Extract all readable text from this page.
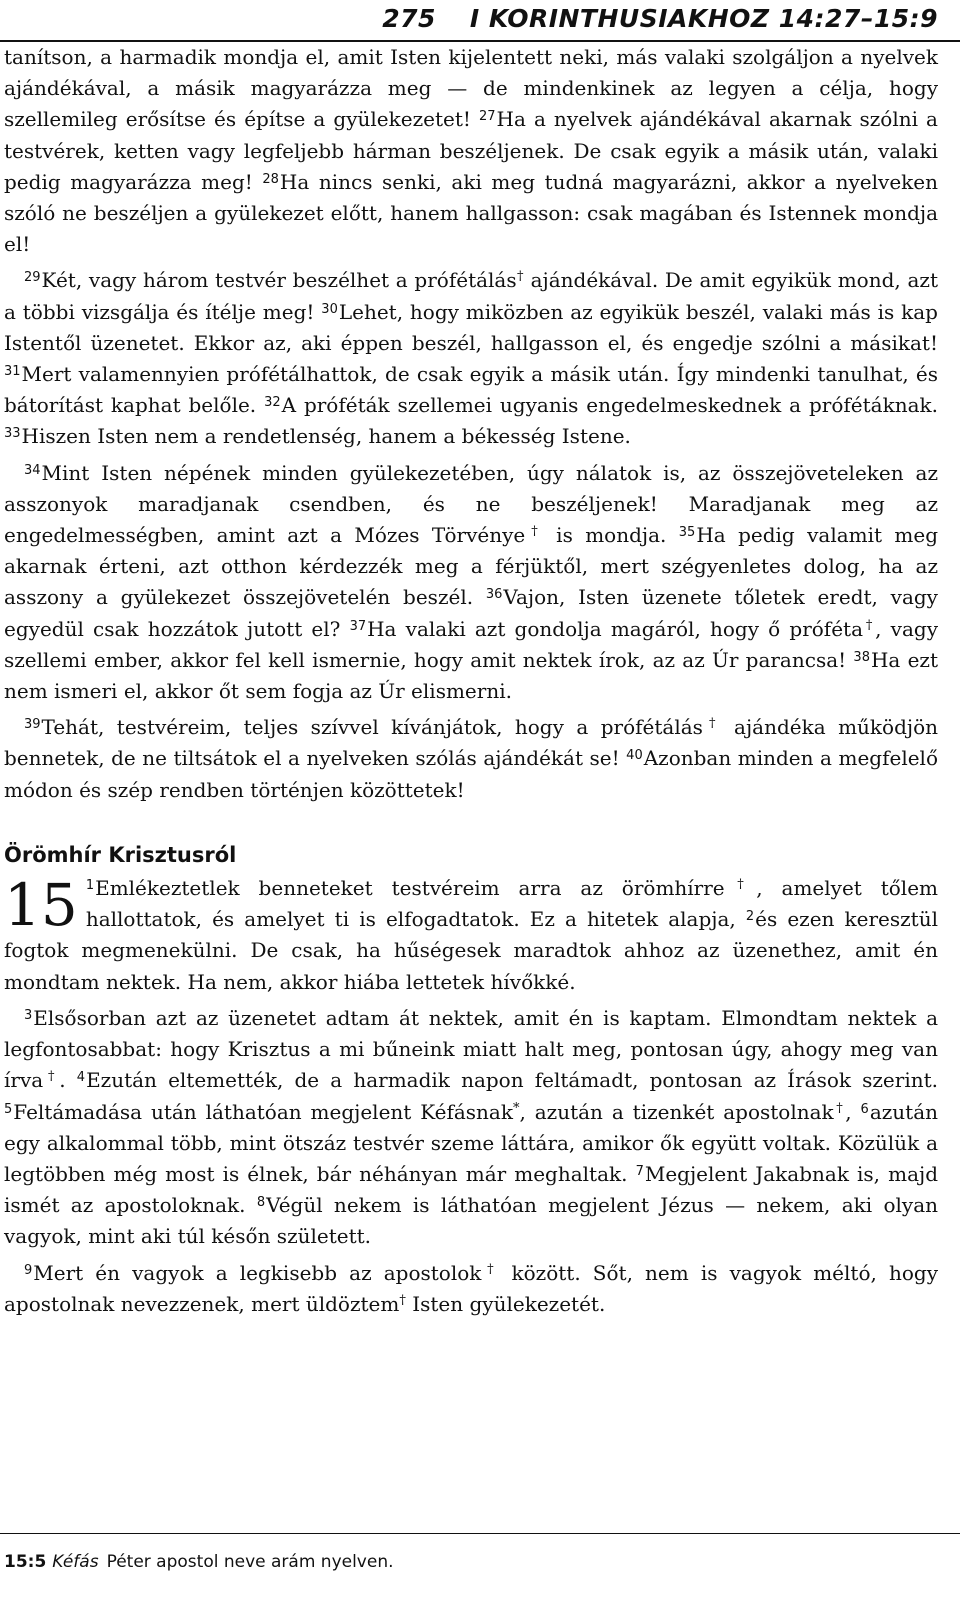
275 I KORINTHUSIAKHOZ 14:27–15:9

tanítson, a harmadik mondja el, amit Isten kijelentett neki, más valaki szolgáljon a nyelvek ajándékával, a másik magyarázza meg — de mindenkinek az legyen a célja, hogy szellemileg erősítse és építse a gyülekezetet! $^{27}$Ha a nyelvek ajándékával akarnak szólni a testvérek, ketten vagy legfeljebb hárman beszéljenek. De csak egyik a másik után, valaki pedig magyarázza meg! $^{28}$Ha nincs senki, aki meg tudná magyarázni, akkor a nyelveken szóló ne beszéljen a gyülekezet előtt, hanem hallgasson: csak magában és Istennek mondja el!

$^{29}$Két, vagy három testvér beszélhet a prófétálás† ajándékával. De amit egyikük mond, azt a többi vizsgálja és ítélje meg! $^{30}$Lehet, hogy miközben az egyikük beszél, valaki más is kap Istentől üzenetet. Ekkor az, aki éppen beszél, hallgasson el, és engedje szólni a másikat! $^{31}$Mert valamennyien prófétálhattok, de csak egyik a másik után. Így mindenki tanulhat, és bátorítást kaphat belőle. $^{32}$A próféták szellemei ugyanis engedelmeskednek a prófétáknak. $^{33}$Hiszen Isten nem a rendetlenség, hanem a békesség Istene.

$^{34}$Mint Isten népének minden gyülekezetében, úgy nálatok is, az összejöveteleken az asszonyok maradjanak csendben, és ne beszéljenek! Maradjanak meg az engedelmességben, amint azt a Mózes Törvénye† is mondja. $^{35}$Ha pedig valamit meg akarnak érteni, azt otthon kérdezzék meg a férjüktől, mert szégyenletes dolog, ha az asszony a gyülekezet összejövetelén beszél. $^{36}$Vajon, Isten üzenete tőletek eredt, vagy egyedül csak hozzátok jutott el? $^{37}$Ha valaki azt gondolja magáról, hogy ő próféta†, vagy szellemi ember, akkor fel kell ismernie, hogy amit nektek írok, az az Úr parancsa! $^{38}$Ha ezt nem ismeri el, akkor őt sem fogja az Úr elismerni.

$^{39}$Tehát, testvéreim, teljes szívvel kívánjátok, hogy a prófétálás† ajándéka működjön bennetek, de ne tiltsátok el a nyelveken szólás ajándékát se! $^{40}$Azonban minden a megfelelő módon és szép rendben történjen közöttetek!

Örömhír Krisztusról
15 $^1$Emlékeztetlek benneteket testvéreim arra az örömhírre†, amelyet tőlem hallottatok, és amelyet ti is elfogadtatok. Ez a hitetek alapja, $^2$és ezen keresztül fogtok megmenekülni. De csak, ha hűségesek maradtok ahhoz az üzenethez, amit én mondtam nektek. Ha nem, akkor hiába lettetek hívőkké.

$^3$Elsősorban azt az üzenetet adtam át nektek, amit én is kaptam. Elmondtam nektek a legfontosabbat: hogy Krisztus a mi bűneink miatt halt meg, pontosan úgy, ahogy meg van írva†. $^4$Ezután eltemették, de a harmadik napon feltámadt, pontosan az Írások szerint. $^5$Feltámadása után láthatóan megjelent Kéfásnak*, azután a tizenkét apostolnak†, $^6$azután egy alkalommal több, mint ötszáz testvér szeme láttára, amikor ők együtt voltak. Közülük a legtöbben még most is élnek, bár néhányan már meghaltak. $^7$Megjelent Jakabnak is, majd ismét az apostoloknak. $^8$Végül nekem is láthatóan megjelent Jézus — nekem, aki olyan vagyok, mint aki túl későn született.

$^9$Mert én vagyok a legkisebb az apostolok† között. Sőt, nem is vagyok méltó, hogy apostolnak nevezzenek, mert üldöztem† Isten gyülekezetét.

15:5 Kéfás Péter apostol neve arám nyelven.
